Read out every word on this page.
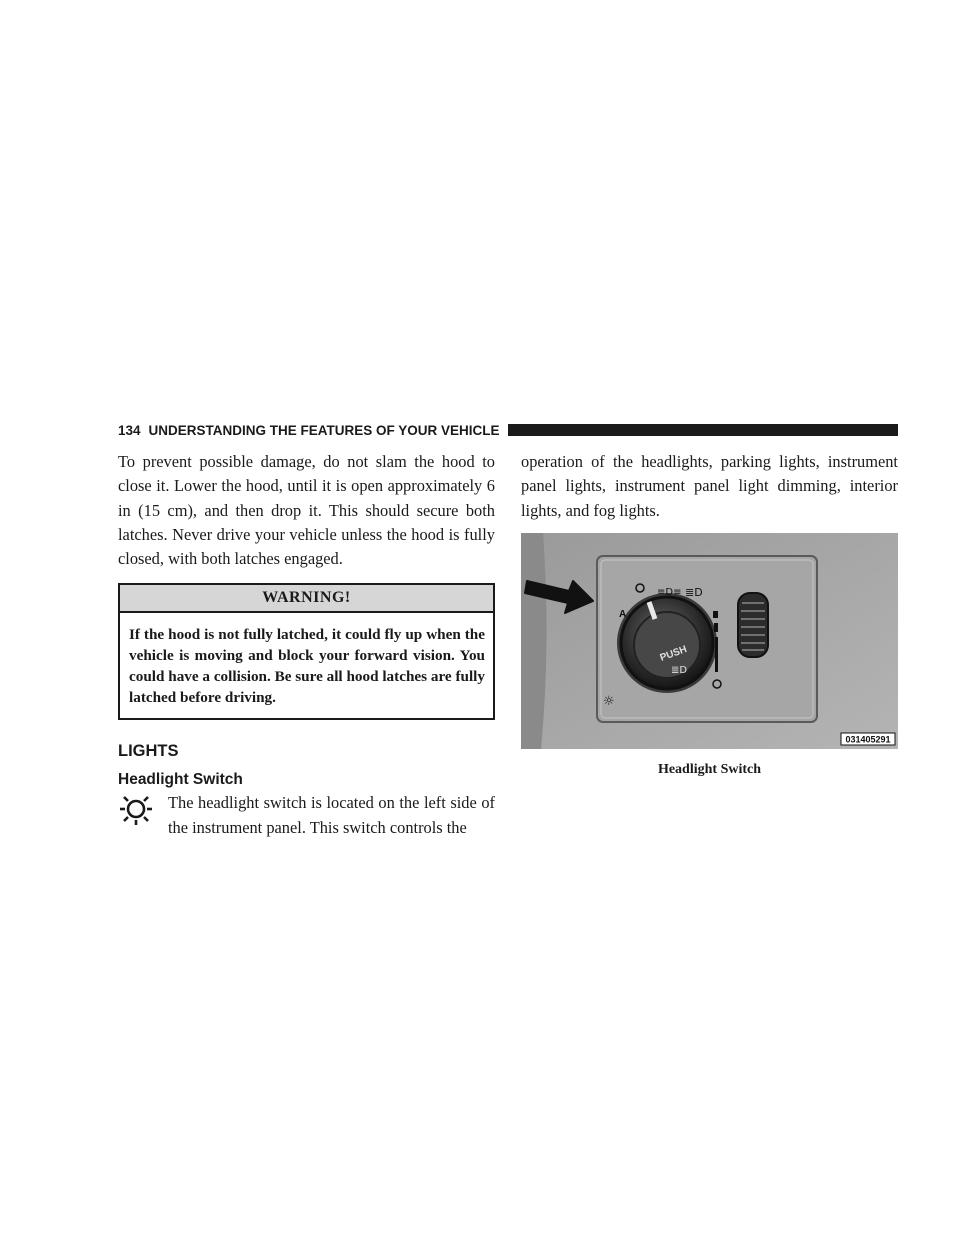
134 UNDERSTANDING THE FEATURES OF YOUR VEHICLE

To prevent possible damage, do not slam the hood to close it. Lower the hood, until it is open approximately 6 in (15 cm), and then drop it. This should secure both latches. Never drive your vehicle unless the hood is fully closed, with both latches engaged.

WARNING!
If the hood is not fully latched, it could fly up when the vehicle is moving and block your forward vision. You could have a collision. Be sure all hood latches are fully latched before driving.
LIGHTS
Headlight Switch

The headlight switch is located on the left side of the instrument panel. This switch controls the

operation of the headlights, parking lights, instrument panel lights, instrument panel light dimming, interior lights, and fog lights.

PUSH
≣D
A
≡D≡ ≣D
☼
031405291
Headlight Switch
